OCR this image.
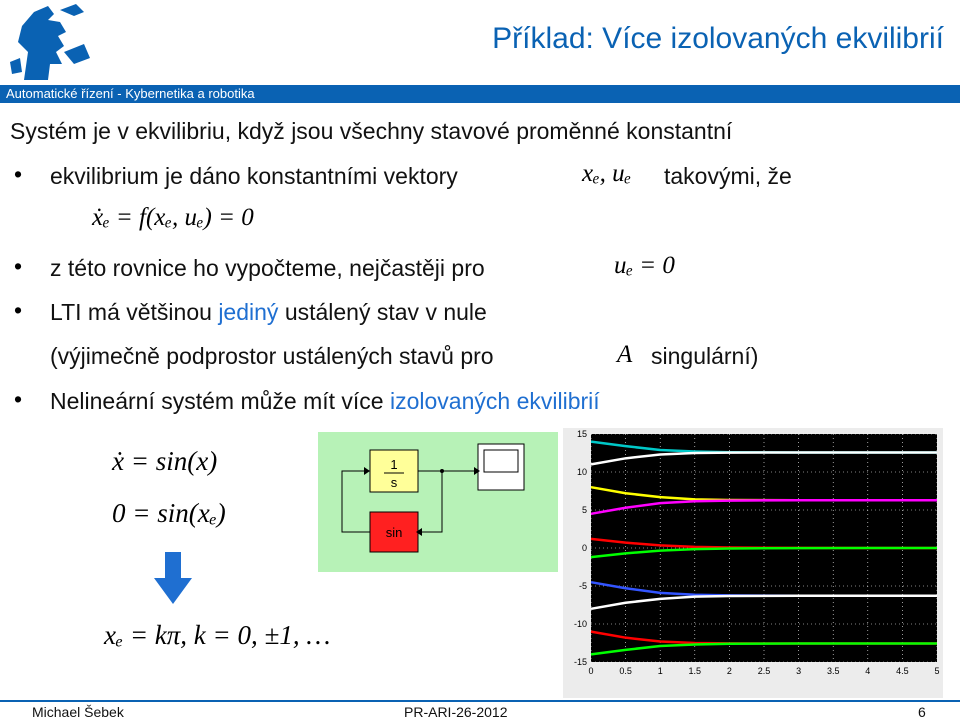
Příklad: Více izolovaných ekvilibrií
Automatické řízení - Kybernetika a robotika
Systém je v ekvilibriu, když jsou všechny stavové proměnné konstantní
• ekvilibrium je dáno konstantními vektory	xₑ, uₑ takovými, že
ẋₑ = f(xₑ, uₑ) = 0
• z této rovnice ho vypočteme, nejčastěji pro	uₑ = 0
• LTI má většinou jediný ustálený stav v nule
(výjimečně podprostor ustálených stavů pro	A singulární)
• Nelineární systém může mít více izolovaných ekvilibrií
ẋ = sin(x)
0 = sin(xₑ)
xₑ = kπ, k = 0, ±1, …
1
s
sin
0	0.5	1	1.5	2	2.5	3	3.5	4	4.5	5
15
10
5
0
-5
-10
-15
Michael Šebek	PR-ARI-26-2012	6
